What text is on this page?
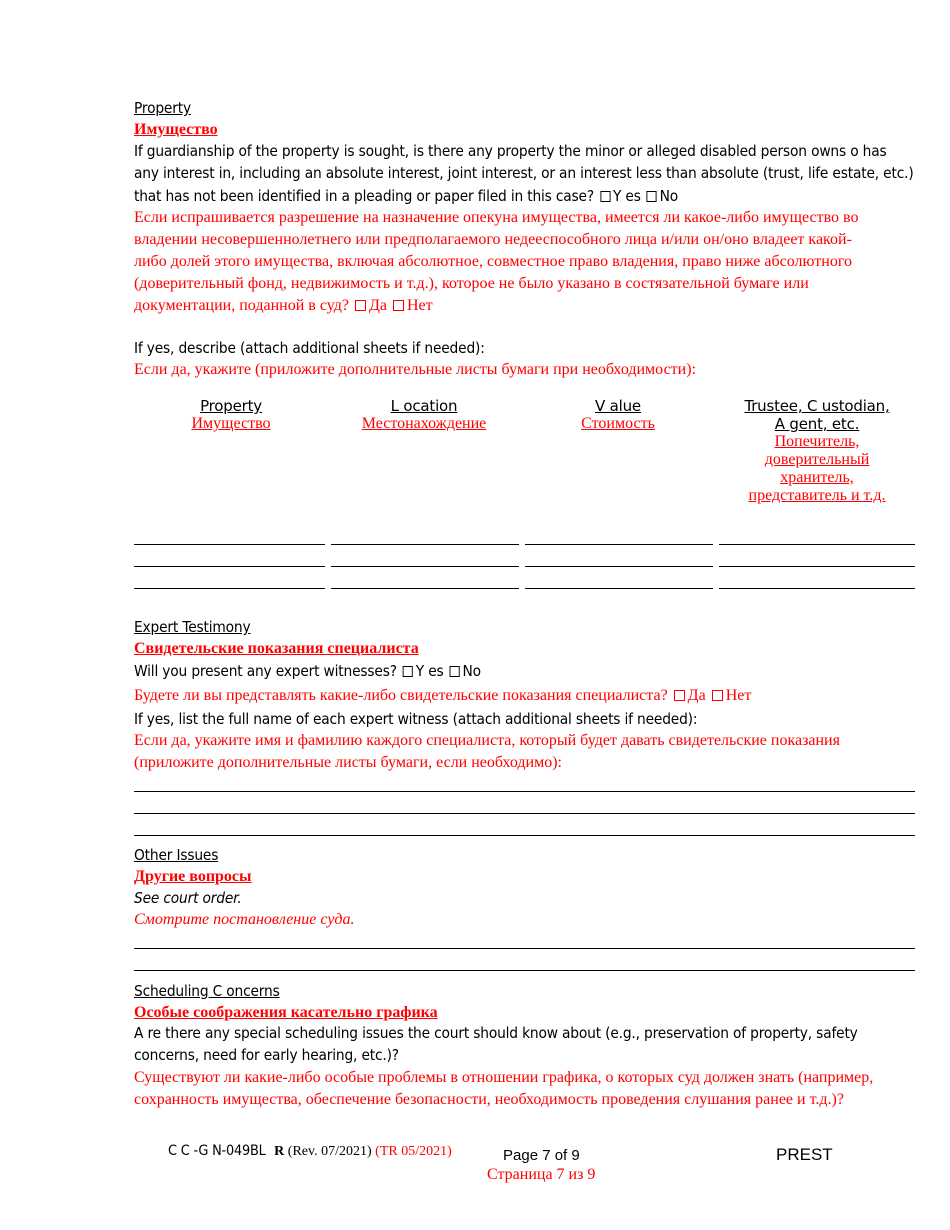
Property
Имущество
If guardianship of the property is sought, is there any property the minor or alleged disabled person owns o has
any interest in, including an absolute interest, joint interest, or an interest less than absolute (trust, life estate, etc.)
that has not been identified in a pleading or paper filed in this case? Y es No
Если испрашивается разрешение на назначение опекуна имущества, имеется ли какое-либо имущество во
владении несовершеннолетнего или предполагаемого недееспособного лица и/или он/оно владеет какой-
либо долей этого имущества, включая абсолютное, совместное право владения, право ниже абсолютного
(доверительный фонд, недвижимость и т.д.), которое не было указано в состязательной бумаге или
документации, поданной в суд? Да Нет
If yes, describe (attach additional sheets if needed):
Если да, укажите (приложите дополнительные листы бумаги при необходимости):
Property
Имущество
L ocation
Местонахождение
V alue
Стоимость
Trustee, C ustodian,
A gent, etc.
Попечитель,
доверительный
хранитель,
представитель и т.д.
Expert Testimony
Свидетельские показания специалиста
Will you present any expert witnesses? Y es No
Будете ли вы представлять какие-либо свидетельские показания специалиста? Да Нет
If yes, list the full name of each expert witness (attach additional sheets if needed):
Если да, укажите имя и фамилию каждого специалиста, который будет давать свидетельские показания
(приложите дополнительные листы бумаги, если необходимо):
Other Issues
Другие вопросы
See court order.
Смотрите постановление суда.
Scheduling C oncerns
Особые соображения касательно графика
A re there any special scheduling issues the court should know about (e.g., preservation of property, safety
concerns, need for early hearing, etc.)?
Существуют ли какие-либо особые проблемы в отношении графика, о которых суд должен знать (например,
сохранность имущества, обеспечение безопасности, необходимость проведения слушания ранее и т.д.)?
C C -G N-049BL R (Rev. 07/2021) (TR 05/2021)	Page 7 of 9
Страница 7 из 9
PREST
